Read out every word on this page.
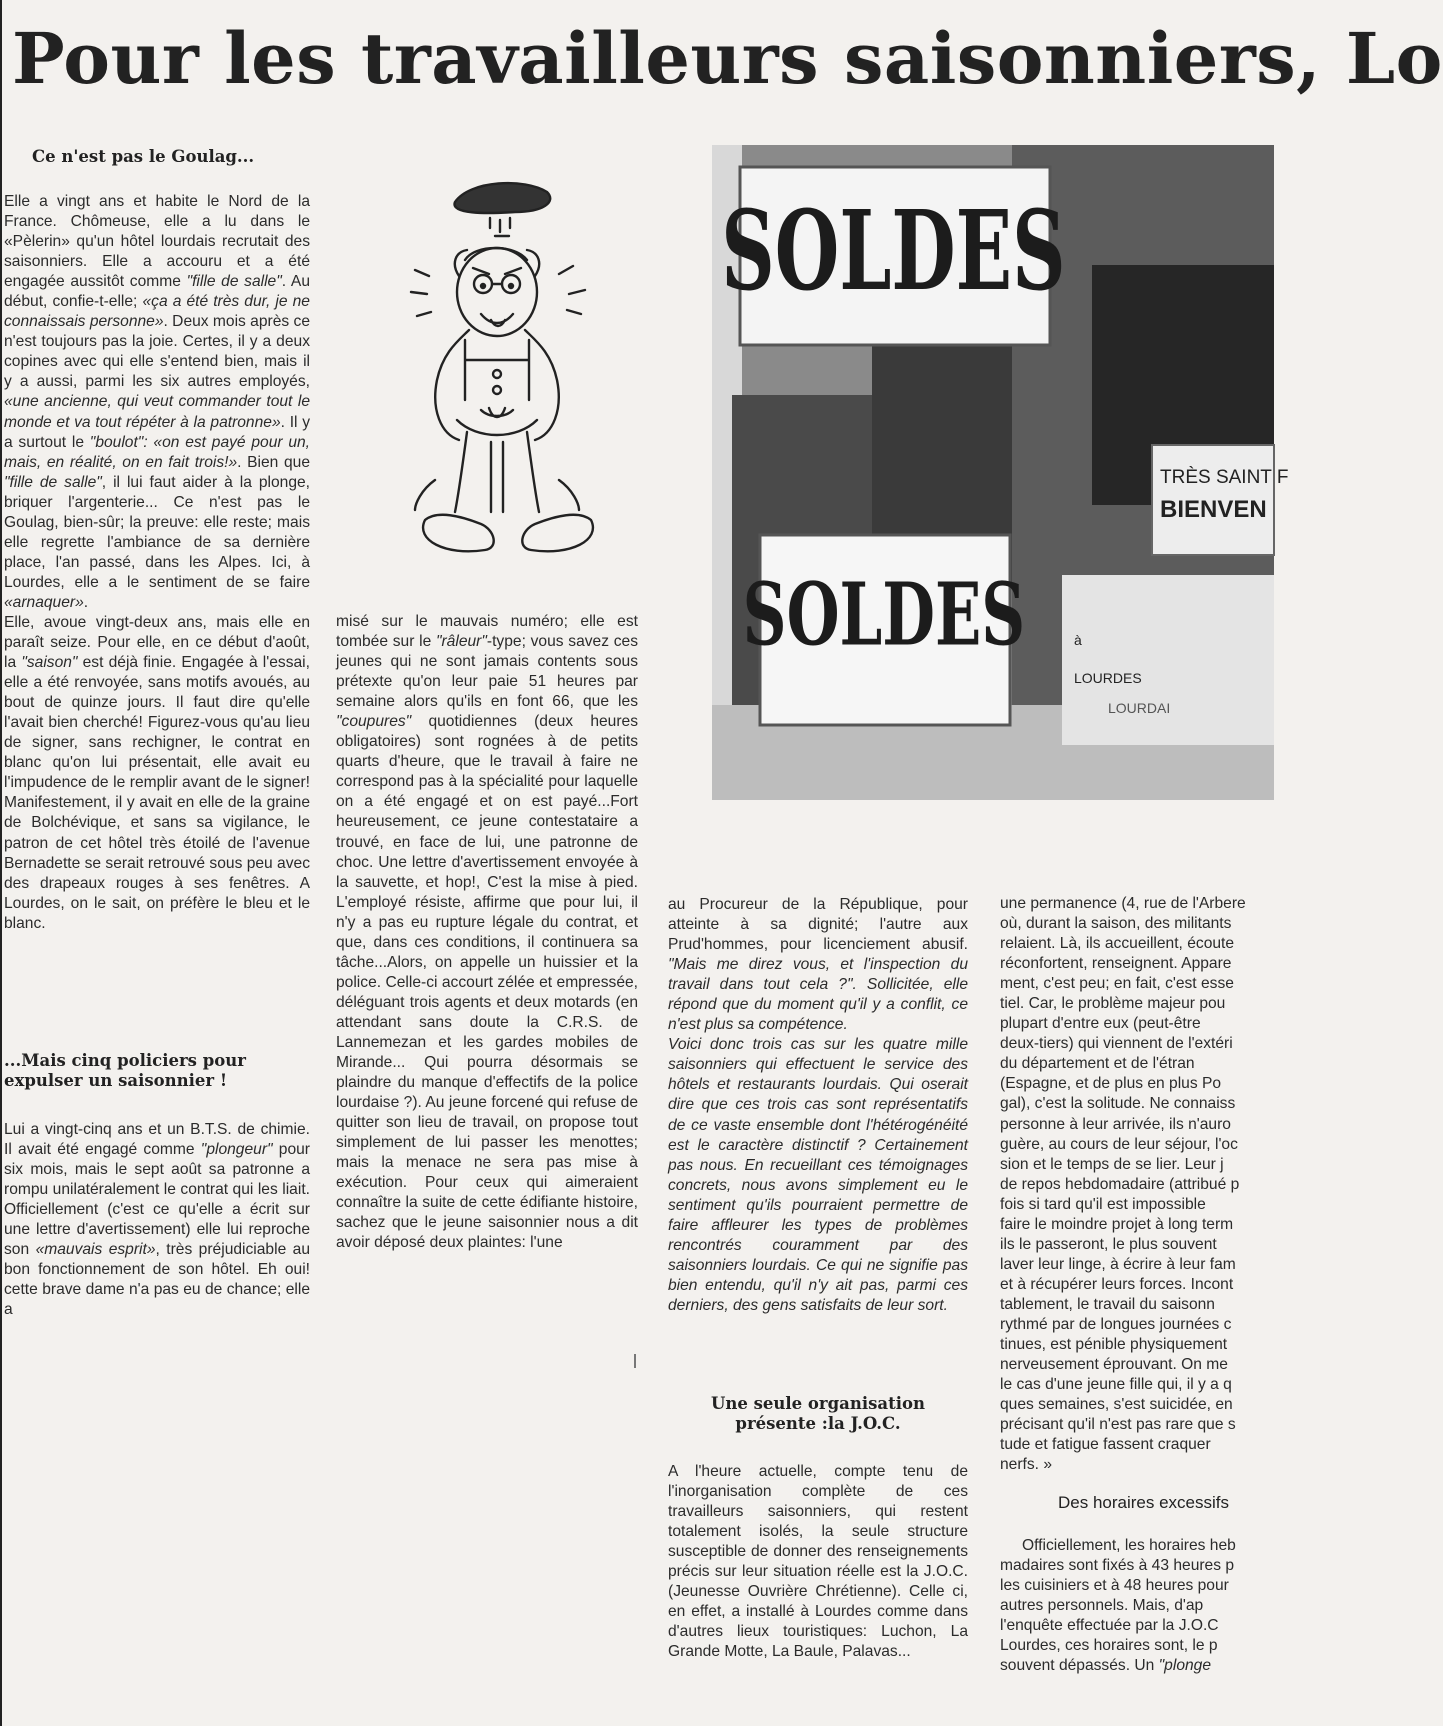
Pour les travailleurs saisonniers, Lo
Ce n'est pas le Goulag...

Elle a vingt ans et habite le Nord de la France. Chômeuse, elle a lu dans le «Pèlerin» qu'un hôtel lourdais recrutait des saisonniers. Elle a accouru et a été engagée aussitôt comme "fille de salle". Au début, confie-t-elle; «ça a été très dur, je ne connaissais personne». Deux mois après ce n'est toujours pas la joie. Certes, il y a deux copines avec qui elle s'entend bien, mais il y a aussi, parmi les six autres employés, «une ancienne, qui veut commander tout le monde et va tout répéter à la patronne». Il y a surtout le "boulot": «on est payé pour un, mais, en réalité, on en fait trois!». Bien que "fille de salle", il lui faut aider à la plonge, briquer l'argenterie... Ce n'est pas le Goulag, bien-sûr; la preuve: elle reste; mais elle regrette l'ambiance de sa dernière place, l'an passé, dans les Alpes. Ici, à Lourdes, elle a le sentiment de se faire «arnaquer».

Elle, avoue vingt-deux ans, mais elle en paraît seize. Pour elle, en ce début d'août, la "saison" est déjà finie. Engagée à l'essai, elle a été renvoyée, sans motifs avoués, au bout de quinze jours. Il faut dire qu'elle l'avait bien cherché! Figurez-vous qu'au lieu de signer, sans rechigner, le contrat en blanc qu'on lui présentait, elle avait eu l'impudence de le remplir avant de le signer! Manifestement, il y avait en elle de la graine de Bolchévique, et sans sa vigilance, le patron de cet hôtel très étoilé de l'avenue Bernadette se serait retrouvé sous peu avec des drapeaux rouges à ses fenêtres. A Lourdes, on le sait, on préfère le bleu et le blanc.

...Mais cinq policiers pour expulser un saisonnier !

Lui a vingt-cinq ans et un B.T.S. de chimie. Il avait été engagé comme "plongeur" pour six mois, mais le sept août sa patronne a rompu unilatéralement le contrat qui les liait. Officiellement (c'est ce qu'elle a écrit sur une lettre d'avertissement) elle lui reproche son «mauvais esprit», très préjudiciable au bon fonctionnement de son hôtel. Eh oui! cette brave dame n'a pas eu de chance; elle a

misé sur le mauvais numéro; elle est tombée sur le "râleur"-type; vous savez ces jeunes qui ne sont jamais contents sous prétexte qu'on leur paie 51 heures par semaine alors qu'ils en font 66, que les "coupures" quotidiennes (deux heures obligatoires) sont rognées à de petits quarts d'heure, que le travail à faire ne correspond pas à la spécialité pour laquelle on a été engagé et on est payé...Fort heureusement, ce jeune contestataire a trouvé, en face de lui, une patronne de choc. Une lettre d'avertissement envoyée à la sauvette, et hop!, C'est la mise à pied. L'employé résiste, affirme que pour lui, il n'y a pas eu rupture légale du contrat, et que, dans ces conditions, il continuera sa tâche...Alors, on appelle un huissier et la police. Celle-ci accourt zélée et empressée, déléguant trois agents et deux motards (en attendant sans doute la C.R.S. de Lannemezan et les gardes mobiles de Mirande... Qui pourra désormais se plaindre du manque d'effectifs de la police lourdaise ?). Au jeune forcené qui refuse de quitter son lieu de travail, on propose tout simplement de lui passer les menottes; mais la menace ne sera pas mise à exécution. Pour ceux qui aimeraient connaître la suite de cette édifiante histoire, sachez que le jeune saisonnier nous a dit avoir déposé deux plaintes: l'une

SOLDES
SOLDES
TRÈS SAINT F
BIENVEN
à
LOURDES
LOURDAI

au Procureur de la République, pour atteinte à sa dignité; l'autre aux Prud'hommes, pour licenciement abusif. "Mais me direz vous, et l'inspection du travail dans tout cela ?". Sollicitée, elle répond que du moment qu'il y a conflit, ce n'est plus sa compétence.

Voici donc trois cas sur les quatre mille saisonniers qui effectuent le service des hôtels et restaurants lourdais. Qui oserait dire que ces trois cas sont représentatifs de ce vaste ensemble dont l'hétérogénéité est le caractère distinctif ? Certainement pas nous. En recueillant ces témoignages concrets, nous avons simplement eu le sentiment qu'ils pourraient permettre de faire affleurer les types de problèmes rencontrés couramment par des saisonniers lourdais. Ce qui ne signifie pas bien entendu, qu'il n'y ait pas, parmi ces derniers, des gens satisfaits de leur sort.

Une seule organisation présente :la J.O.C.

A l'heure actuelle, compte tenu de l'inorganisation complète de ces travailleurs saisonniers, qui restent totalement isolés, la seule structure susceptible de donner des renseignements précis sur leur situation réelle est la J.O.C. (Jeunesse Ouvrière Chrétienne). Celle ci, en effet, a installé à Lourdes comme dans d'autres lieux touristiques: Luchon, La Grande Motte, La Baule, Palavas...

une permanence (4, rue de l'Arbere
où, durant la saison, des militants
relaient. Là, ils accueillent, écoute
réconfortent, renseignent. Appare
ment, c'est peu; en fait, c'est esse
tiel. Car, le problème majeur pou
plupart d'entre eux (peut-être
deux-tiers) qui viennent de l'extéri
du département et de l'étran
(Espagne, et de plus en plus Po
gal), c'est la solitude. Ne connaiss
personne à leur arrivée, ils n'auro
guère, au cours de leur séjour, l'oc
sion et le temps de se lier. Leur j
de repos hebdomadaire (attribué p
fois si tard qu'il est impossible
faire le moindre projet à long term
ils le passeront, le plus souvent
laver leur linge, à écrire à leur fam
et à récupérer leurs forces. Incont
tablement, le travail du saisonn
rythmé par de longues journées c
tinues, est pénible physiquement
nerveusement éprouvant. On me
le cas d'une jeune fille qui, il y a q
ques semaines, s'est suicidée, en
précisant qu'il n'est pas rare que s
tude et fatigue fassent craquer
nerfs. »
Des horaires excessifs
Officiellement, les horaires heb
madaires sont fixés à 43 heures p
les cuisiniers et à 48 heures pour
autres personnels. Mais, d'ap
l'enquête effectuée par la J.O.C
Lourdes, ces horaires sont, le p
souvent dépassés. Un "plonge
